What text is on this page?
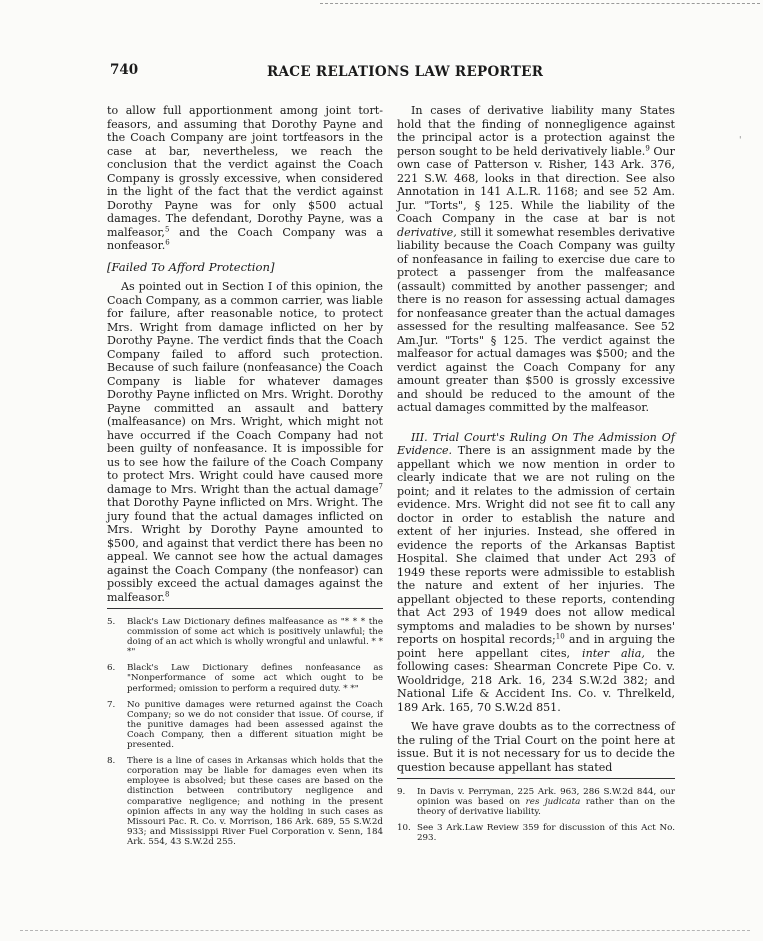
740	RACE RELATIONS LAW REPORTER
'

to allow full apportionment among joint tort-feasors, and assuming that Dorothy Payne and the Coach Company are joint tortfeasors in the case at bar, nevertheless, we reach the conclusion that the verdict against the Coach Company is grossly excessive, when considered in the light of the fact that the verdict against Dorothy Payne was for only $500 actual damages. The defendant, Dorothy Payne, was a malfeasor,$^5$ and the Coach Company was a nonfeasor.$^6$

[Failed To Afford Protection]

As pointed out in Section I of this opinion, the Coach Company, as a common carrier, was liable for failure, after reasonable notice, to protect Mrs. Wright from damage inflicted on her by Dorothy Payne. The verdict finds that the Coach Company failed to afford such protection. Because of such failure (nonfeasance) the Coach Company is liable for whatever damages Dorothy Payne inflicted on Mrs. Wright. Dorothy Payne committed an assault and battery (malfeasance) on Mrs. Wright, which might not have occurred if the Coach Company had not been guilty of nonfeasance. It is impossible for us to see how the failure of the Coach Company to protect Mrs. Wright could have caused more damage to Mrs. Wright than the actual damage$^7$ that Dorothy Payne inflicted on Mrs. Wright. The jury found that the actual damages inflicted on Mrs. Wright by Dorothy Payne amounted to $500, and against that verdict there has been no appeal. We cannot see how the actual damages against the Coach Company (the nonfeasor) can possibly exceed the actual damages against the malfeasor.$^8$

5.	Black's Law Dictionary defines malfeasance as "* * * the commission of some act which is positively unlawful; the doing of an act which is wholly wrongful and unlawful. * * *"
6.	Black's Law Dictionary defines nonfeasance as "Nonperformance of some act which ought to be performed; omission to perform a required duty. * *"
7.	No punitive damages were returned against the Coach Company; so we do not consider that issue. Of course, if the punitive damages had been assessed against the Coach Company, then a different situation might be presented.
8.	There is a line of cases in Arkansas which holds that the corporation may be liable for damages even when its employee is absolved; but these cases are based on the distinction between contributory negligence and comparative negligence; and nothing in the present opinion affects in any way the holding in such cases as Missouri Pac. R. Co. v. Morrison, 186 Ark. 689, 55 S.W.2d 933; and Mississippi River Fuel Corporation v. Senn, 184 Ark. 554, 43 S.W.2d 255.

In cases of derivative liability many States hold that the finding of nonnegligence against the principal actor is a protection against the person sought to be held derivatively liable.$^9$ Our own case of Patterson v. Risher, 143 Ark. 376, 221 S.W. 468, looks in that direction. See also Annotation in 141 A.L.R. 1168; and see 52 Am. Jur. "Torts", § 125. While the liability of the Coach Company in the case at bar is not derivative, still it somewhat resembles derivative liability because the Coach Company was guilty of nonfeasance in failing to exercise due care to protect a passenger from the malfeasance (assault) committed by another passenger; and there is no reason for assessing actual damages for nonfeasance greater than the actual damages assessed for the resulting malfeasance. See 52 Am.Jur. "Torts" § 125. The verdict against the malfeasor for actual damages was $500; and the verdict against the Coach Company for any amount greater than $500 is grossly excessive and should be reduced to the amount of the actual damages committed by the malfeasor.

III. Trial Court's Ruling On The Admission Of Evidence. There is an assignment made by the appellant which we now mention in order to clearly indicate that we are not ruling on the point; and it relates to the admission of certain evidence. Mrs. Wright did not see fit to call any doctor in order to establish the nature and extent of her injuries. Instead, she offered in evidence the reports of the Arkansas Baptist Hospital. She claimed that under Act 293 of 1949 these reports were admissible to establish the nature and extent of her injuries. The appellant objected to these reports, contending that Act 293 of 1949 does not allow medical symptoms and maladies to be shown by nurses' reports on hospital records;$^{10}$ and in arguing the point here appellant cites, inter alia, the following cases: Shearman Concrete Pipe Co. v. Wooldridge, 218 Ark. 16, 234 S.W.2d 382; and National Life & Accident Ins. Co. v. Threlkeld, 189 Ark. 165, 70 S.W.2d 851.

We have grave doubts as to the correctness of the ruling of the Trial Court on the point here at issue. But it is not necessary for us to decide the question because appellant has stated

9.	In Davis v. Perryman, 225 Ark. 963, 286 S.W.2d 844, our opinion was based on res judicata rather than on the theory of derivative liability.
10. See 3 Ark.Law Review 359 for discussion of this Act No. 293.
